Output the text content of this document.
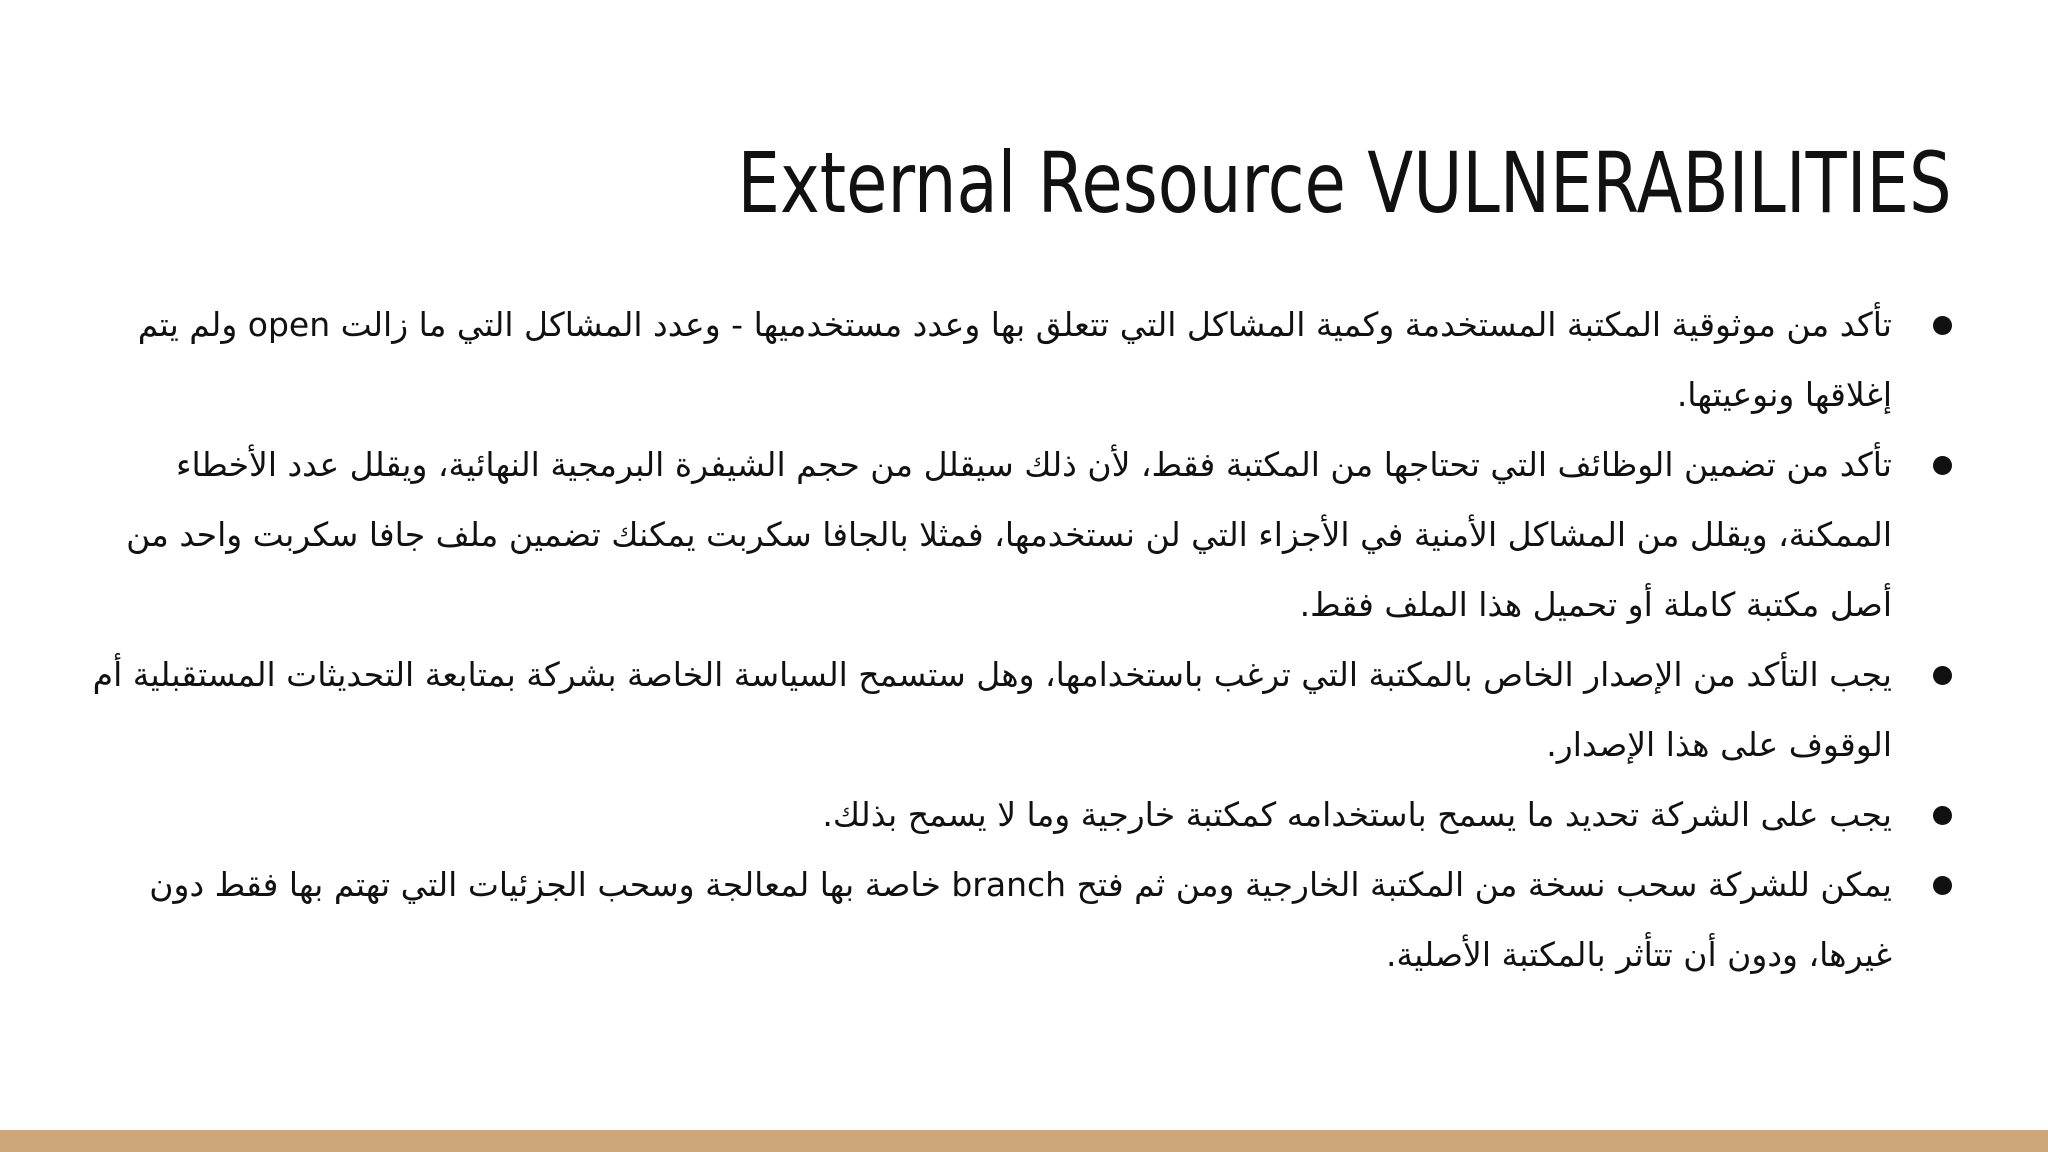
External Resource VULNERABILITIES
تأكد من موثوقية المكتبة المستخدمة وكمية المشاكل التي تتعلق بها وعدد مستخدميها - وعدد المشاكل التي ما زالت open ولم يتم إغلاقها ونوعيتها.
تأكد من تضمين الوظائف التي تحتاجها من المكتبة فقط، لأن ذلك سيقلل من حجم الشيفرة البرمجية النهائية، ويقلل عدد الأخطاء الممكنة، ويقلل من المشاكل الأمنية في الأجزاء التي لن نستخدمها، فمثلا بالجافا سكربت يمكنك تضمين ملف جافا سكربت واحد من أصل مكتبة كاملة أو تحميل هذا الملف فقط.
يجب التأكد من الإصدار الخاص بالمكتبة التي ترغب باستخدامها، وهل ستسمح السياسة الخاصة بشركة بمتابعة التحديثات المستقبلية أم الوقوف على هذا الإصدار.
يجب على الشركة تحديد ما يسمح باستخدامه كمكتبة خارجية وما لا يسمح بذلك.
يمكن للشركة سحب نسخة من المكتبة الخارجية ومن ثم فتح branch خاصة بها لمعالجة وسحب الجزئيات التي تهتم بها فقط دون غيرها، ودون أن تتأثر بالمكتبة الأصلية.
